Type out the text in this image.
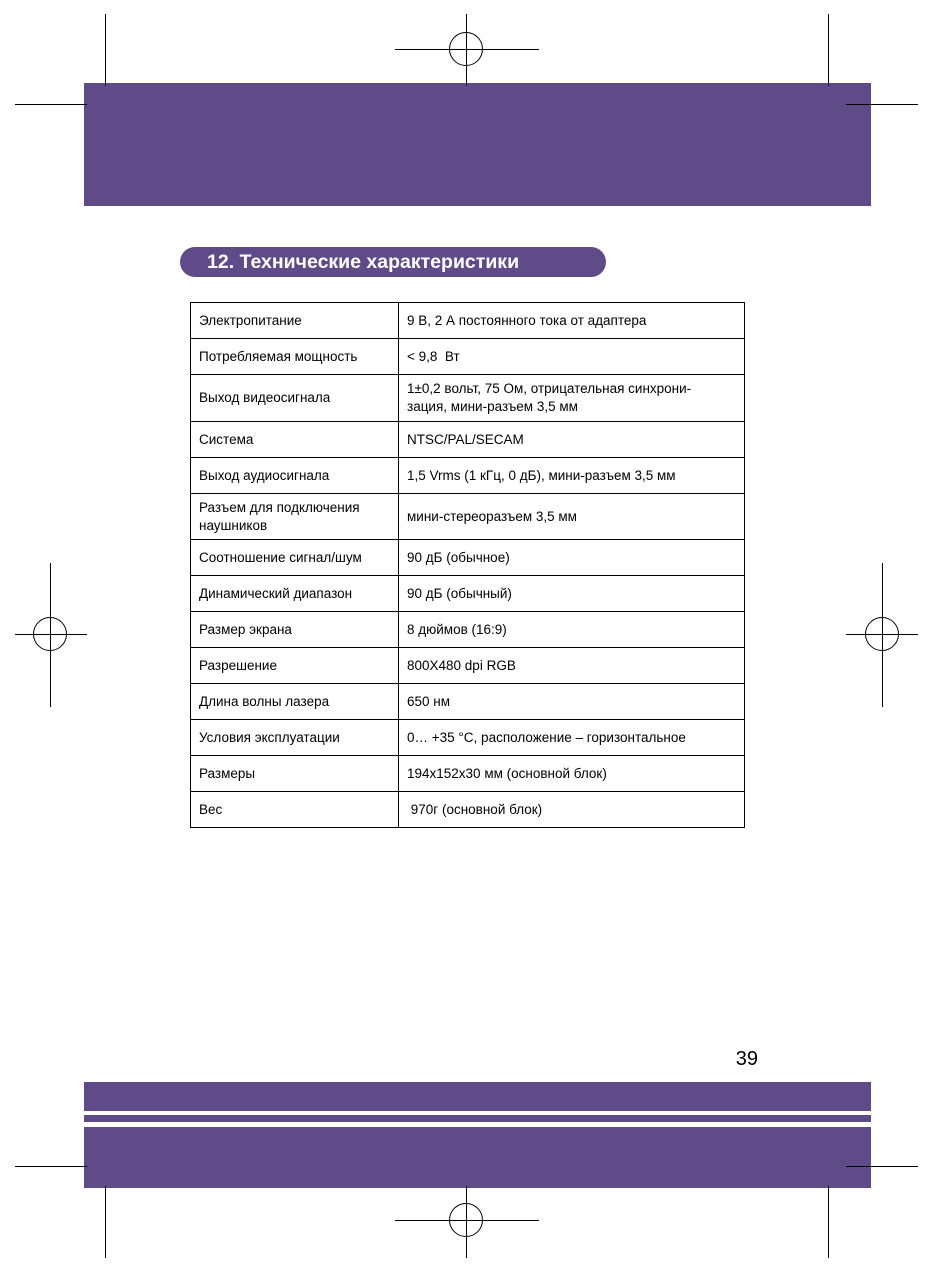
12. Технические характеристики
Электропитание	9 В, 2 А постоянного тока от адаптера
Потребляемая мощность	< 9,8  Вт
Выход видеосигнала	1±0,2 вольт, 75 Ом, отрицательная синхрони-
зация, мини-разъем 3,5 мм
Система	NTSC/PAL/SECAM
Выход аудиосигнала	1,5 Vrms (1 кГц, 0 дБ), мини-разъем 3,5 мм
Разъем для подключения наушников	мини-стереоразъем 3,5 мм
Соотношение сигнал/шум	90 дБ (обычное)
Динамический диапазон	90 дБ (обычный)
Размер экрана	8 дюймов (16:9)
Разрешение	800X480 dpi RGB
Длина волны лазера	650 нм
Условия эксплуатации	0… +35 °С, расположение – горизонтальное
Размеры	194x152x30 мм (основной блок)
Вес	970г (основной блок)
39
